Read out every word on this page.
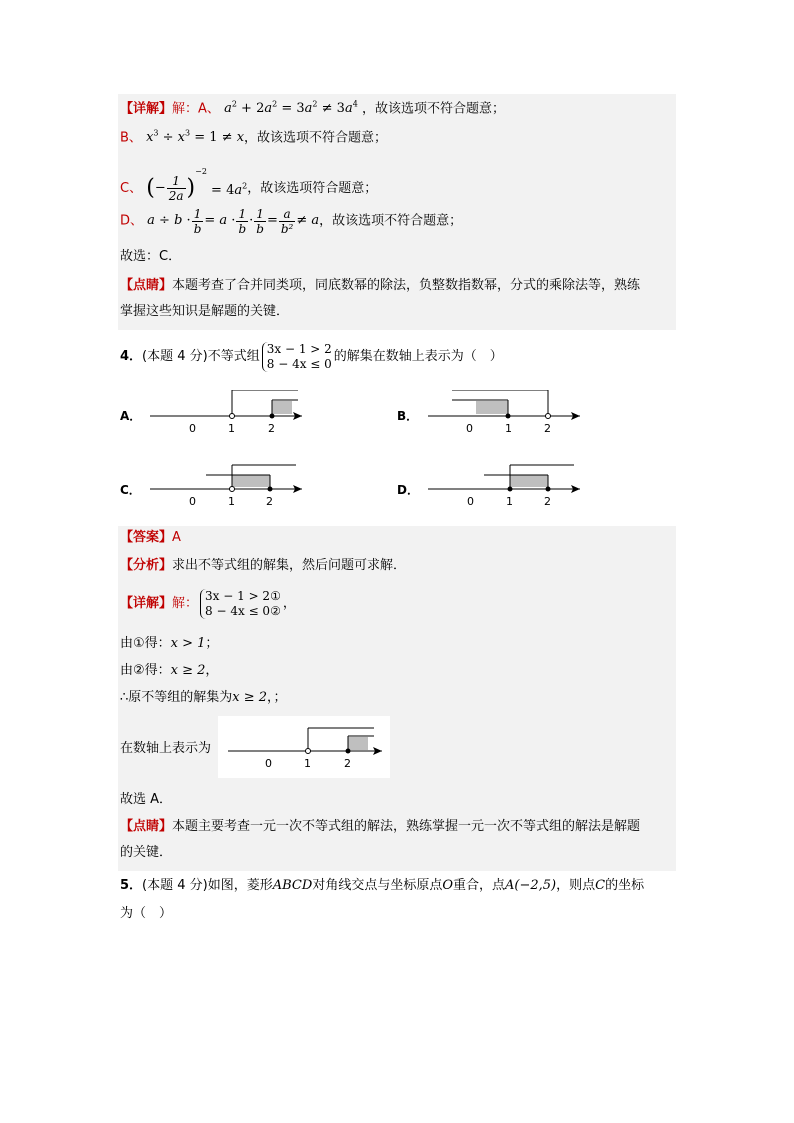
【详解】解：A、 $a^2 + 2a^2 = 3a^2 \ne 3a^4$ ，故该选项不符合题意；
B、 $x^3 \div x^3 = 1 \ne x$，故该选项不符合题意；
C、 (− $\frac{1}{2a} )^{-2} = 4a^2$，故该选项符合题意；
D、 $a \div b \cdot \frac{1}{b} = a \cdot \frac{1}{b} \cdot \frac{1}{b} = \frac{a}{\text{b²}} \ne a$，故该选项不符合题意；
故选：C．
【点睛】本题考查了合并同类项，同底数幂的除法，负整数指数幂，分式的乘除法等，熟练
掌握这些知识是解题的关键．
4．(本题 4 分)不等式组
3x − 1 > 2
8 − 4x ≤ 0 的解集在数轴上表示为（　）
A．
0	1	2
B．
0	1	2
C．
0	1	2
D．
0	1	2
【答案】A
【分析】求出不等式组的解集，然后问题可求解．
【详解】解：
3x − 1 > 2①
8 − 4x ≤ 0② ，
由①得：x > 1；
由②得：x ≥ 2，
∴原不等组的解集为x ≥ 2，；
在数轴上表示为
0	1	2
故选 A．
【点睛】本题主要考查一元一次不等式组的解法，熟练掌握一元一次不等式组的解法是解题
的关键．
5．(本题 4 分)如图，菱形ABCD对角线交点与坐标原点O重合，点A(−2,5)，则点C的坐标
为（　）
